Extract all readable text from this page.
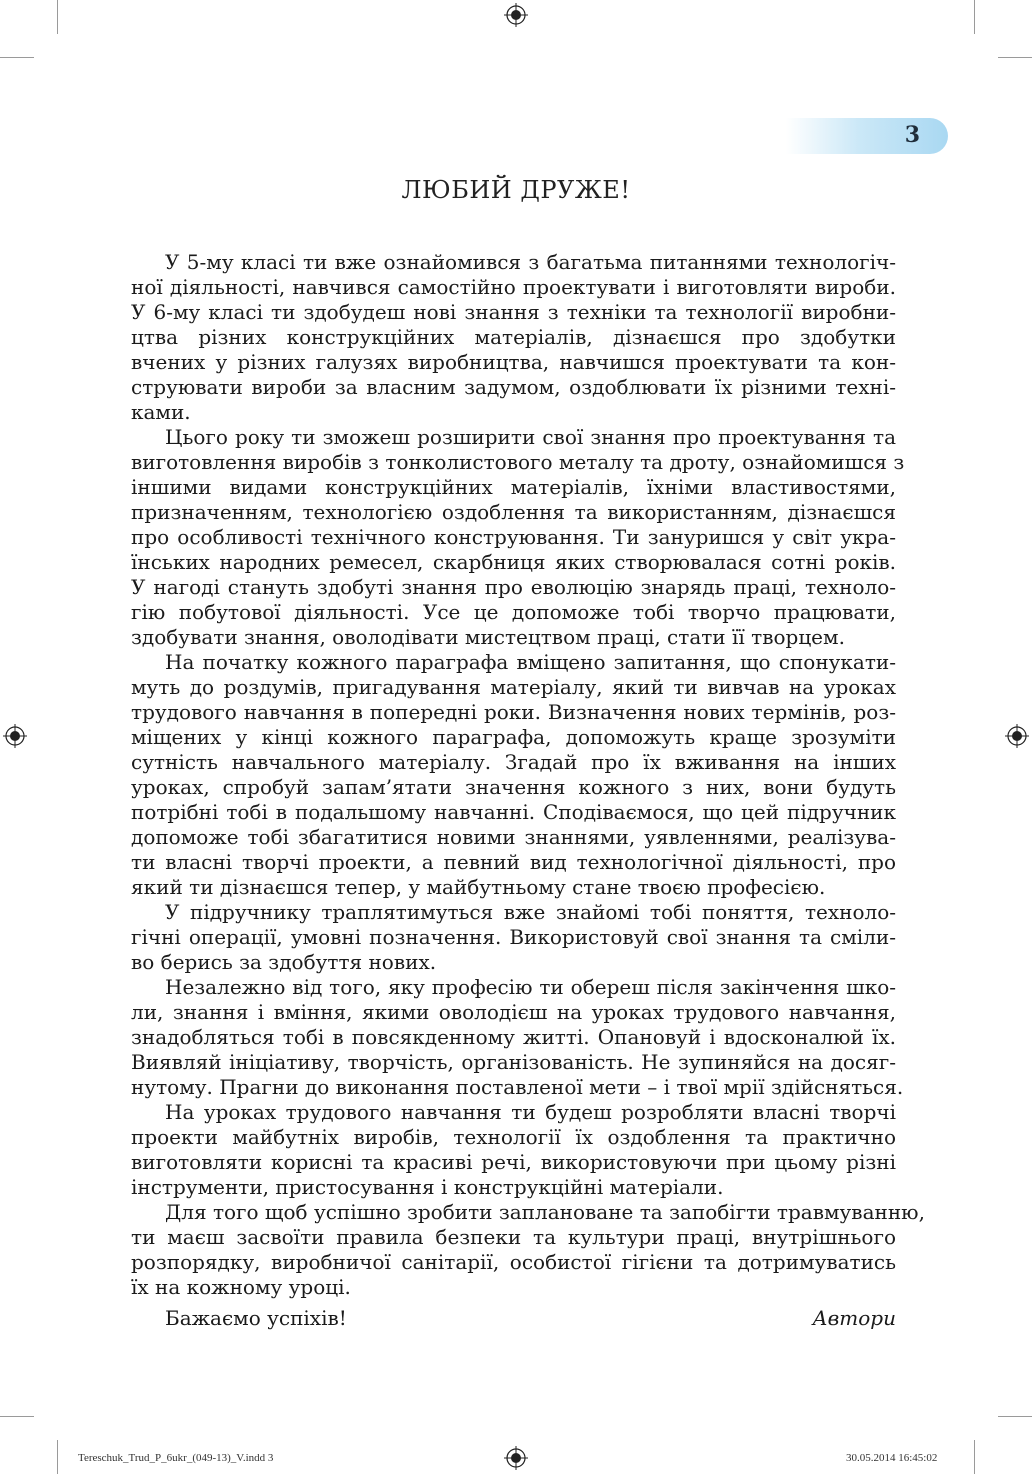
3
ЛЮБИЙ ДРУЖЕ!
У 5-му класі ти вже ознайомився з багатьма питаннями технологіч-
ної діяльності, навчився самостійно проектувати і виготовляти вироби.
У 6-му класі ти здобудеш нові знання з техніки та технології виробни-
цтва різних конструкційних матеріалів, дізнаєшся про здобутки
вчених у різних галузях виробництва, навчишся проектувати та кон-
струювати вироби за власним задумом, оздоблювати їх різними техні-
ками.
Цього року ти зможеш розширити свої знання про проектування та
виготовлення виробів з тонколистового металу та дроту, ознайомишся з
іншими видами конструкційних матеріалів, їхніми властивостями,
призначенням, технологією оздоблення та використанням, дізнаєшся
про особливості технічного конструювання. Ти зануришся у світ укра-
їнських народних ремесел, скарбниця яких створювалася сотні років.
У нагоді стануть здобуті знання про еволюцію знарядь праці, техноло-
гію побутової діяльності. Усе це допоможе тобі творчо працювати,
здобувати знання, оволодівати мистецтвом праці, стати її творцем.
На початку кожного параграфа вміщено запитання, що спонукати-
муть до роздумів, пригадування матеріалу, який ти вивчав на уроках
трудового навчання в попередні роки. Визначення нових термінів, роз-
міщених у кінці кожного параграфа, допоможуть краще зрозуміти
сутність навчального матеріалу. Згадай про їх вживання на інших
уроках, спробуй запам’ятати значення кожного з них, вони будуть
потрібні тобі в подальшому навчанні. Сподіваємося, що цей підручник
допоможе тобі збагатитися новими знаннями, уявленнями, реалізува-
ти власні творчі проекти, а певний вид технологічної діяльності, про
який ти дізнаєшся тепер, у майбутньому стане твоєю професією.
У підручнику траплятимуться вже знайомі тобі поняття, техноло-
гічні операції, умовні позначення. Використовуй свої знання та сміли-
во берись за здобуття нових.
Незалежно від того, яку професію ти обереш після закінчення шко-
ли, знання і вміння, якими оволодієш на уроках трудового навчання,
знадобляться тобі в повсякденному житті. Опановуй і вдосконалюй їх.
Виявляй ініціативу, творчість, організованість. Не зупиняйся на досяг-
нутому. Прагни до виконання поставленої мети – і твої мрії здійсняться.
На уроках трудового навчання ти будеш розробляти власні творчі
проекти майбутніх виробів, технології їх оздоблення та практично
виготовляти корисні та красиві речі, використовуючи при цьому різні
інструменти, пристосування і конструкційні матеріали.
Для того щоб успішно зробити заплановане та запобігти травмуванню,
ти маєш засвоїти правила безпеки та культури праці, внутрішнього
розпорядку, виробничої санітарії, особистої гігієни та дотримуватись
їх на кожному уроці.
Бажаємо успіхів!	Автори
Tereschuk_Trud_P_6ukr_(049-13)_V.indd 3	30.05.2014 16:45:02
